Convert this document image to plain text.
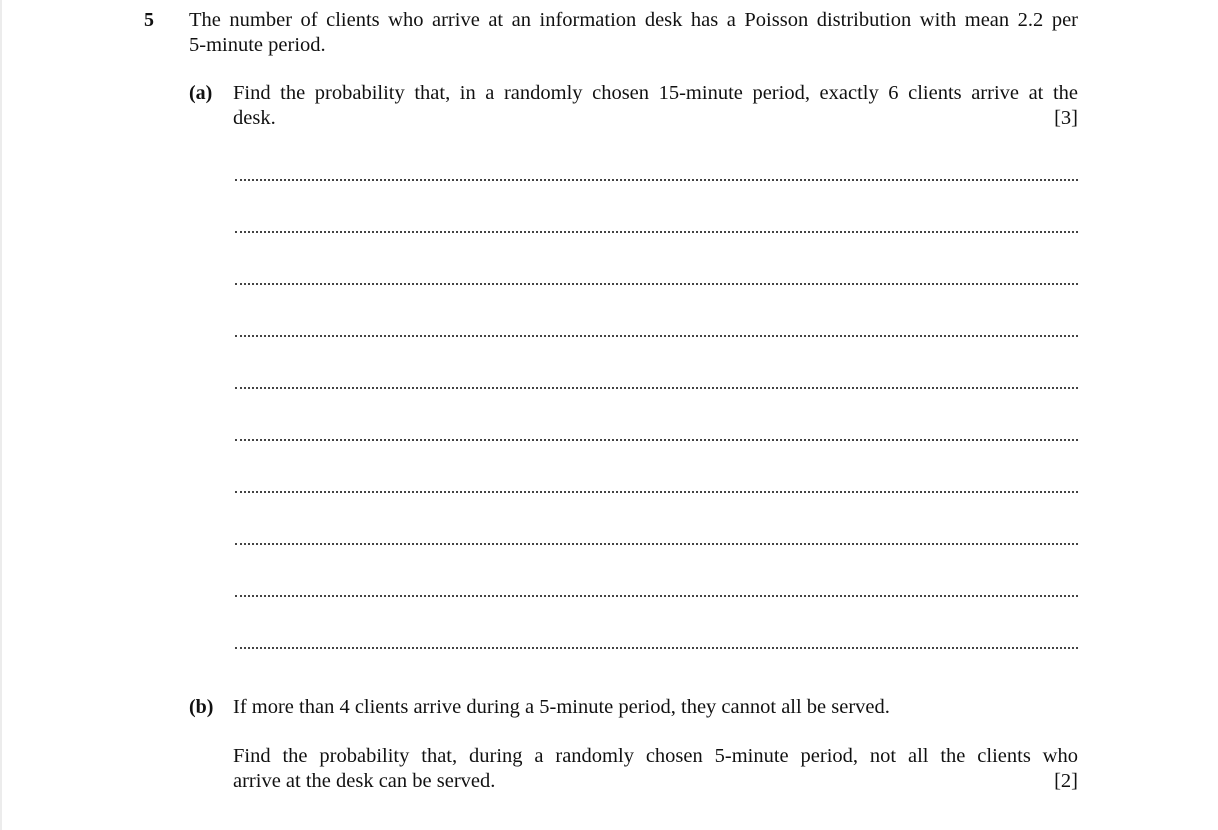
5 The number of clients who arrive at an information desk has a Poisson distribution with mean 2.2 per
5-minute period.
(a) Find the probability that, in a randomly chosen 15-minute period, exactly 6 clients arrive at the
desk.	[3]
(b) If more than 4 clients arrive during a 5-minute period, they cannot all be served.
Find the probability that, during a randomly chosen 5-minute period, not all the clients who
arrive at the desk can be served.	[2]
